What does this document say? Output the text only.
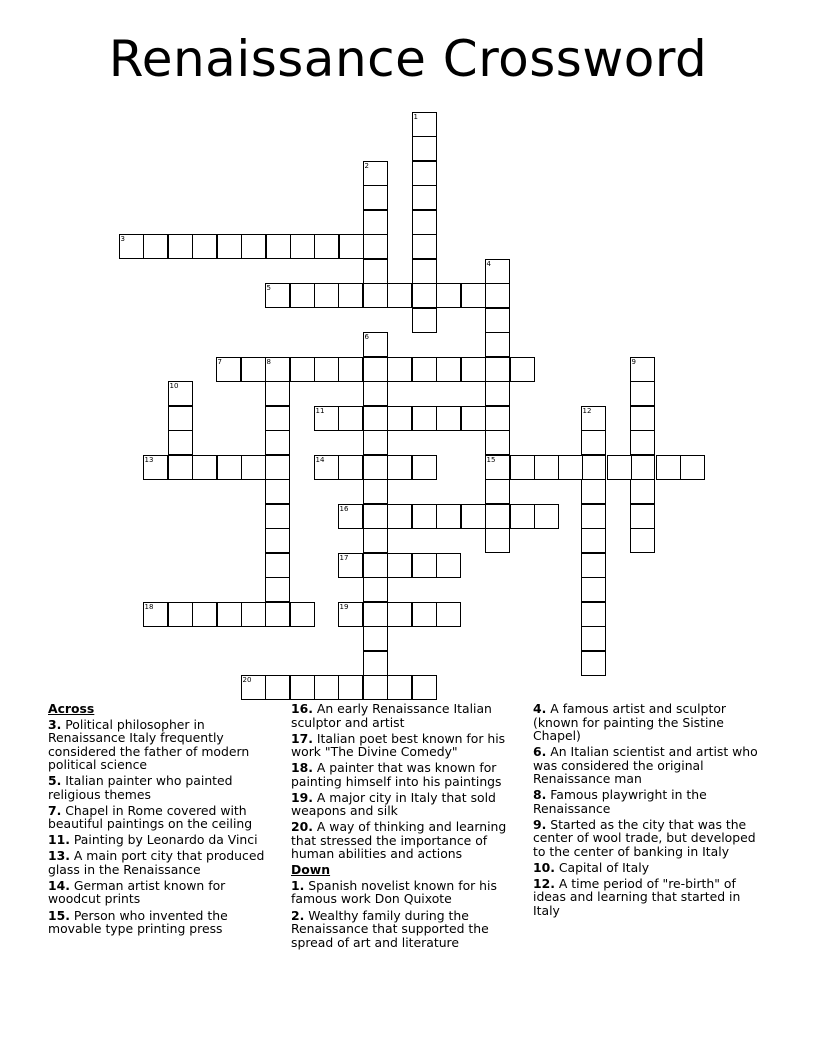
Renaissance Crossword
1
2
3
4
5
6
7	8	9
10
11	12
13	14	15
16
17
18	19
20
Across
3. Political philosopher in Renaissance Italy frequently considered the father of modern political science
5. Italian painter who painted religious themes
7. Chapel in Rome covered with beautiful paintings on the ceiling
11. Painting by Leonardo da Vinci
13. A main port city that produced glass in the Renaissance
14. German artist known for woodcut prints
15. Person who invented the movable type printing press
16. An early Renaissance Italian sculptor and artist
17. Italian poet best known for his work "The Divine Comedy"
18. A painter that was known for painting himself into his paintings
19. A major city in Italy that sold weapons and silk
20. A way of thinking and learning that stressed the importance of human abilities and actions
Down
1. Spanish novelist known for his famous work Don Quixote
2. Wealthy family during the Renaissance that supported the spread of art and literature
4. A famous artist and sculptor (known for painting the Sistine Chapel)
6. An Italian scientist and artist who was considered the original Renaissance man
8. Famous playwright in the Renaissance
9. Started as the city that was the center of wool trade, but developed to the center of banking in Italy
10. Capital of Italy
12. A time period of "re-birth" of ideas and learning that started in Italy
